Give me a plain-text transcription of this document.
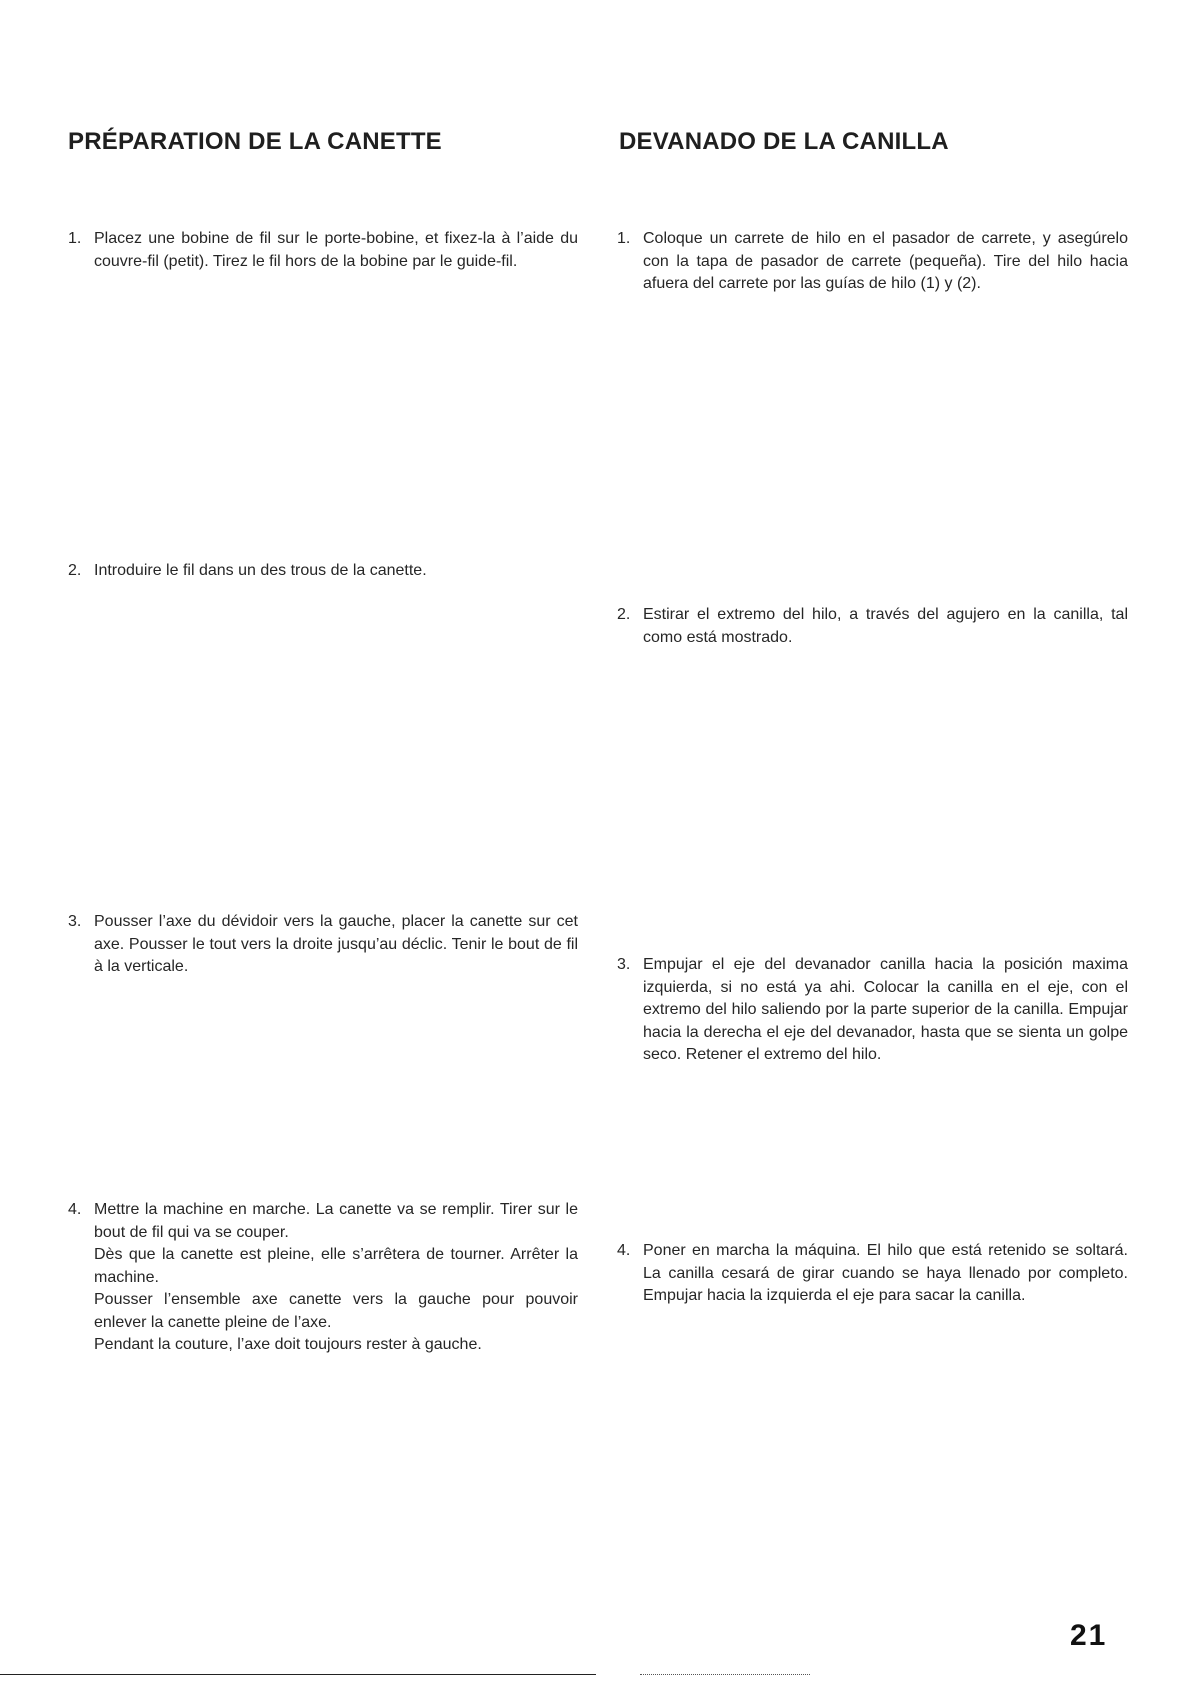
PRÉPARATION DE LA CANETTE	DEVANADO DE LA CANILLA
1. Placez une bobine de fil sur le porte-bobine, et fixez-la à l’aide du couvre-fil (petit). Tirez le fil hors de la bobine par le guide-fil.

2. Introduire le fil dans un des trous de la canette.

3. Pousser l’axe du dévidoir vers la gauche, placer la canette sur cet axe. Pousser le tout vers la droite jusqu’au déclic. Tenir le bout de fil à la verticale.

4. Mettre la machine en marche. La canette va se remplir. Tirer sur le bout de fil qui va se couper.

Dès que la canette est pleine, elle s’arrêtera de tourner. Arrêter la machine.

Pousser l’ensemble axe canette vers la gauche pour pouvoir enlever la canette pleine de l’axe.

Pendant la couture, l’axe doit toujours rester à gauche.

1. Coloque un carrete de hilo en el pasador de carrete, y asegúrelo con la tapa de pasador de carrete (pequeña). Tire del hilo hacia afuera del carrete por las guías de hilo (1) y (2).

2. Estirar el extremo del hilo, a través del agujero en la canilla, tal como está mostrado.

3. Empujar el eje del devanador canilla hacia la posición maxima izquierda, si no está ya ahi. Colocar la canilla en el eje, con el extremo del hilo saliendo por la parte superior de la canilla. Empujar hacia la derecha el eje del devanador, hasta que se sienta un golpe seco. Retener el extremo del hilo.

4. Poner en marcha la máquina. El hilo que está retenido se soltará. La canilla cesará de girar cuando se haya llenado por completo. Empujar hacia la izquierda el eje para sacar la canilla.

21
